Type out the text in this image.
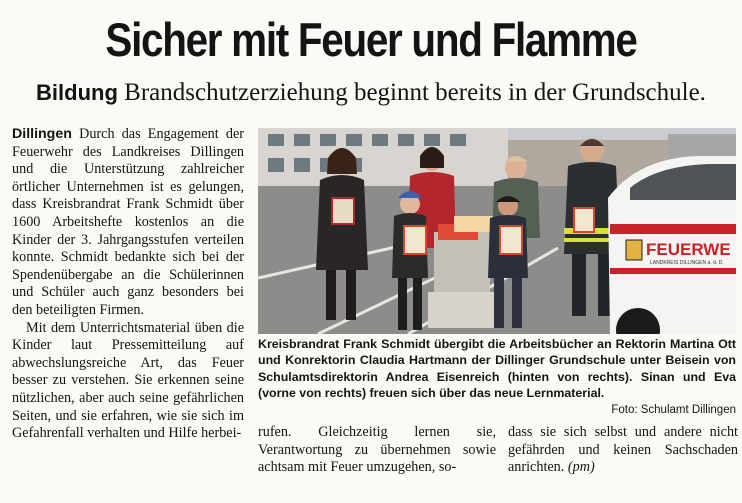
Sicher mit Feuer und Flamme
Bildung Brandschutzerziehung beginnt bereits in der Grundschule.

Dillingen Durch das Engagement der Feuerwehr des Landkreises Dillingen und die Unterstützung zahlreicher örtlicher Unternehmen ist es gelungen, dass Kreisbrandrat Frank Schmidt über 1600 Arbeitshefte kostenlos an die Kinder der 3. Jahrgangsstufen verteilen konnte. Schmidt bedankte sich bei der Spendenübergabe an die Schülerinnen und Schüler auch ganz besonders bei den beteiligten Firmen.

Mit dem Unterrichtsmaterial üben die Kinder laut Pressemitteilung auf abwechslungsreiche Art, das Feuer besser zu verstehen. Sie erkennen seine nützlichen, aber auch seine gefährlichen Seiten, und sie erfahren, wie sie sich im Gefahrenfall verhalten und Hilfe herbei-

FEUERWE
LANDKREIS DILLINGEN a. d. D.
Kreisbrandrat Frank Schmidt übergibt die Arbeitsbücher an Rektorin Martina Ott und Konrektorin Claudia Hartmann der Dillinger Grundschule unter Beisein von Schulamtsdirektorin Andrea Eisenreich (hinten von rechts). Sinan und Eva (vorne von rechts) freuen sich über das neue Lernmaterial.
Foto: Schulamt Dillingen

rufen. Gleichzeitig lernen sie, Verantwortung zu übernehmen sowie achtsam mit Feuer umzugehen, so-

dass sie sich selbst und andere nicht gefährden und keinen Sachschaden anrichten. (pm)
